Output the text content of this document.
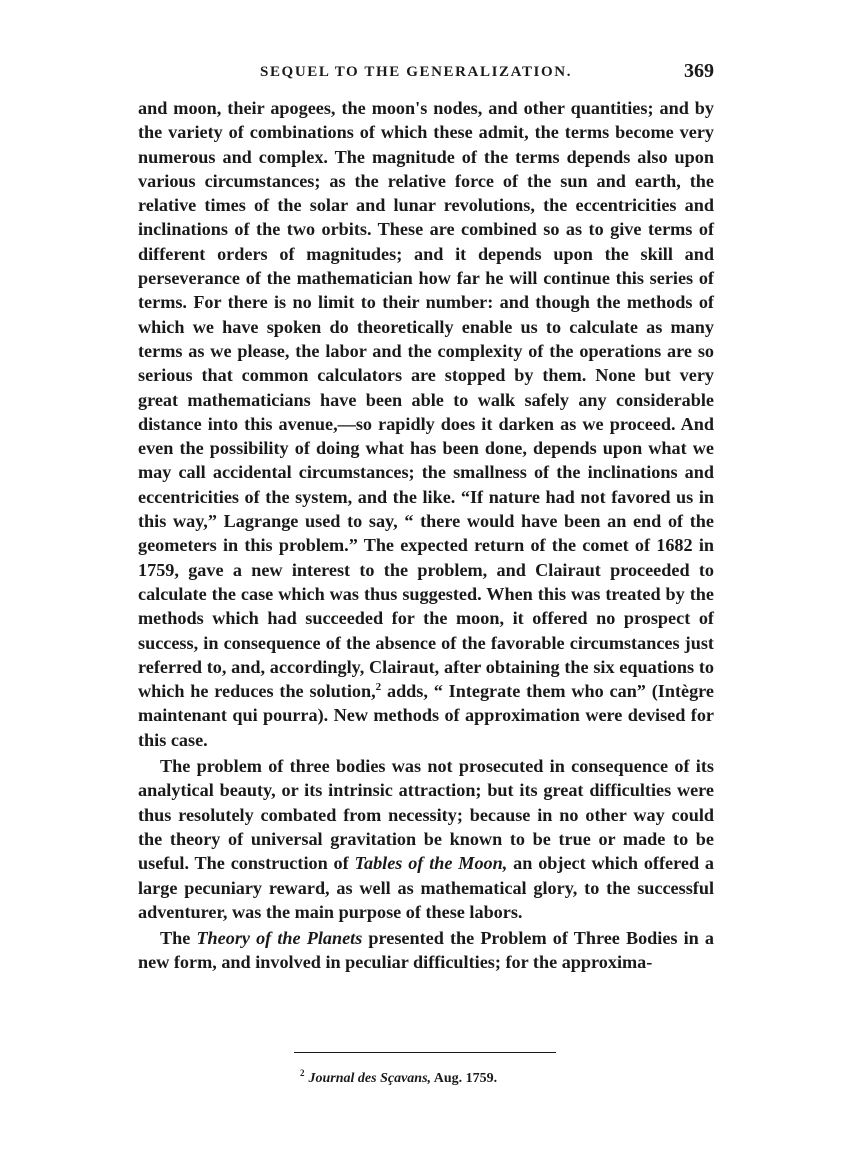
SEQUEL TO THE GENERALIZATION.	369

and moon, their apogees, the moon's nodes, and other quantities; and by the variety of combinations of which these admit, the terms become very numerous and complex. The magnitude of the terms depends also upon various circumstances; as the relative force of the sun and earth, the relative times of the solar and lunar revolutions, the eccentricities and inclinations of the two orbits. These are combined so as to give terms of different orders of magnitudes; and it depends upon the skill and perseverance of the mathematician how far he will continue this series of terms. For there is no limit to their number: and though the methods of which we have spoken do theoretically enable us to calculate as many terms as we please, the labor and the complexity of the operations are so serious that common calculators are stopped by them. None but very great mathematicians have been able to walk safely any considerable distance into this avenue,—so rapidly does it darken as we proceed. And even the possibility of doing what has been done, depends upon what we may call accidental circumstances; the smallness of the inclinations and eccentricities of the system, and the like. “If nature had not favored us in this way,” Lagrange used to say, “ there would have been an end of the geometers in this problem.” The expected return of the comet of 1682 in 1759, gave a new interest to the problem, and Clairaut proceeded to calculate the case which was thus suggested. When this was treated by the methods which had succeeded for the moon, it offered no prospect of success, in consequence of the absence of the favorable circumstances just referred to, and, accordingly, Clairaut, after obtaining the six equations to which he reduces the solution,$^2$ adds, “ Integrate them who can” (Intègre maintenant qui pourra). New methods of approximation were devised for this case.

The problem of three bodies was not prosecuted in consequence of its analytical beauty, or its intrinsic attraction; but its great difficulties were thus resolutely combated from necessity; because in no other way could the theory of universal gravitation be known to be true or made to be useful. The construction of Tables of the Moon, an object which offered a large pecuniary reward, as well as mathematical glory, to the successful adventurer, was the main purpose of these labors.

The Theory of the Planets presented the Problem of Three Bodies in a new form, and involved in peculiar difficulties; for the approxima-

$^2$ Journal des Sçavans, Aug. 1759.
